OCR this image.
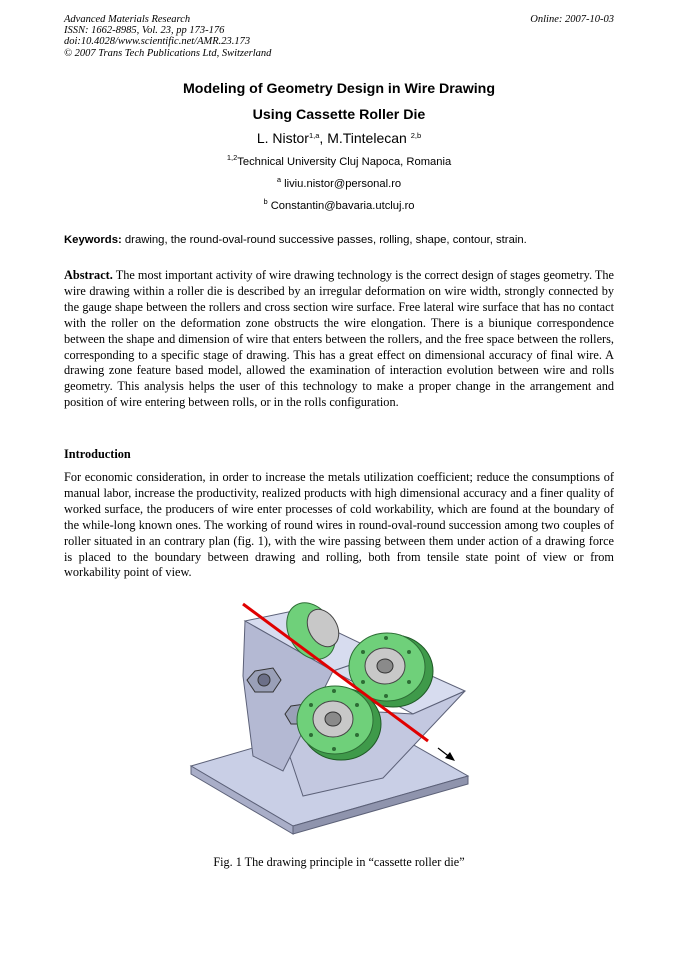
Advanced Materials Research
ISSN: 1662-8985, Vol. 23, pp 173-176
doi:10.4028/www.scientific.net/AMR.23.173
© 2007 Trans Tech Publications Ltd, Switzerland
Online: 2007-10-03
Modeling of Geometry Design in Wire Drawing
Using Cassette Roller Die
L. Nistor$^{1,a}$, M.Tintelecan $^{2,b}$
$^{1,2}$Technical University Cluj Napoca, Romania
$^a$ liviu.nistor@personal.ro
$^b$ Constantin@bavaria.utcluj.ro
Keywords: drawing, the round-oval-round successive passes, rolling, shape, contour, strain.

Abstract. The most important activity of wire drawing technology is the correct design of stages geometry. The wire drawing within a roller die is described by an irregular deformation on wire width, strongly connected by the gauge shape between the rollers and cross section wire surface. Free lateral wire surface that has no contact with the roller on the deformation zone obstructs the wire elongation. There is a biunique correspondence between the shape and dimension of wire that enters between the rollers, and the free space between the rollers, corresponding to a specific stage of drawing. This has a great effect on dimensional accuracy of final wire. A drawing zone feature based model, allowed the examination of interaction evolution between wire and rolls geometry. This analysis helps the user of this technology to make a proper change in the arrangement and position of wire entering between rolls, or in the rolls configuration.

Introduction

For economic consideration, in order to increase the metals utilization coefficient; reduce the consumptions of manual labor, increase the productivity, realized products with high dimensional accuracy and a finer quality of worked surface, the producers of wire enter processes of cold workability, which are found at the boundary of the while-long known ones. The working of round wires in round-oval-round succession among two couples of roller situated in an contrary plan (fig. 1), with the wire passing between them under action of a drawing force is placed to the boundary between drawing and rolling, both from tensile state point of view or from workability point of view.

Fig. 1 The drawing principle in “cassette roller die”
